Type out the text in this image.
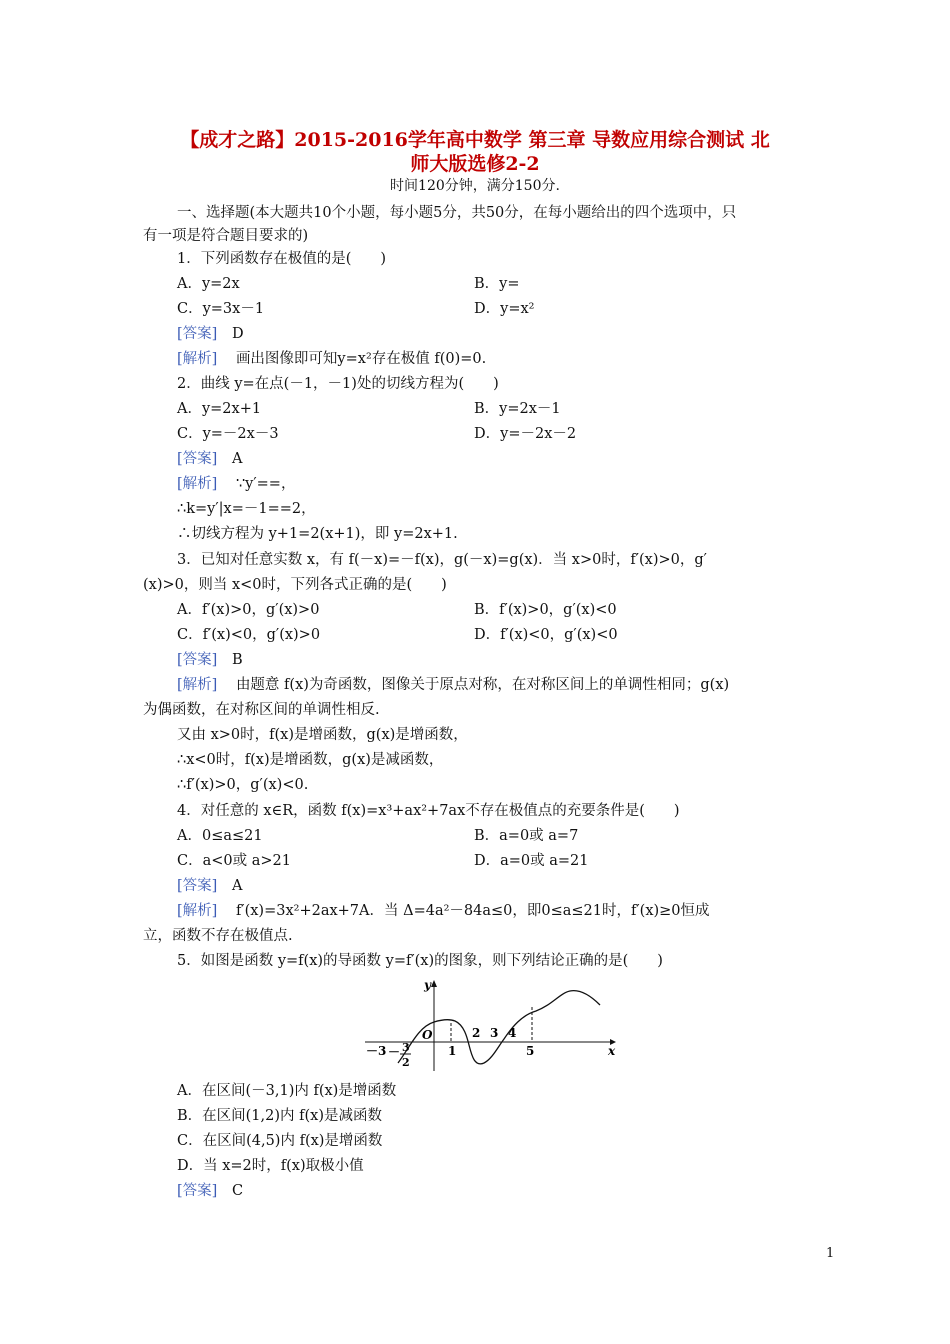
【成才之路】2015-2016学年高中数学 第三章 导数应用综合测试 北
师大版选修2-2
时间120分钟，满分150分.
一、选择题(本大题共10个小题，每小题5分，共50分，在每小题给出的四个选项中，只
有一项是符合题目要求的)
1．下列函数存在极值的是(　　)
A．y=2x	B．y=
C．y=3x－1	D．y=x²
[答案] D
[解析] 画出图像即可知y=x²存在极值 f(0)=0.
2．曲线 y=在点(－1，－1)处的切线方程为(　　)
A．y=2x+1	B．y=2x－1
C．y=－2x－3	D．y=－2x－2
[答案] A
[解析] ∵y′==，
∴k=y′|x=－1==2，
∴切线方程为 y+1=2(x+1)，即 y=2x+1.
3．已知对任意实数 x，有 f(－x)=－f(x)，g(－x)=g(x)．当 x>0时，f′(x)>0，g′
(x)>0，则当 x<0时，下列各式正确的是(　　)
A．f′(x)>0，g′(x)>0	B．f′(x)>0，g′(x)<0
C．f′(x)<0，g′(x)>0	D．f′(x)<0，g′(x)<0
[答案] B
[解析] 由题意 f(x)为奇函数，图像关于原点对称，在对称区间上的单调性相同；g(x)
为偶函数，在对称区间的单调性相反.
又由 x>0时，f(x)是增函数，g(x)是增函数，
∴x<0时，f(x)是增函数，g(x)是减函数，
∴f′(x)>0，g′(x)<0.
4．对任意的 x∈R，函数 f(x)=x³+ax²+7ax不存在极值点的充要条件是(　　)
A．0≤a≤21	B．a=0或 a=7
C．a<0或 a>21	D．a=0或 a=21
[答案] A
[解析] f′(x)=3x²+2ax+7A．当 Δ=4a²－84a≤0，即0≤a≤21时，f′(x)≥0恒成
立，函数不存在极值点.
5．如图是函数 y=f(x)的导函数 y=f′(x)的图象，则下列结论正确的是(　　)
y
x
O
－3 － 3
2
1
2 3 4
5
A．在区间(－3,1)内 f(x)是增函数
B．在区间(1,2)内 f(x)是减函数
C．在区间(4,5)内 f(x)是增函数
D．当 x=2时，f(x)取极小值
[答案] C
1
